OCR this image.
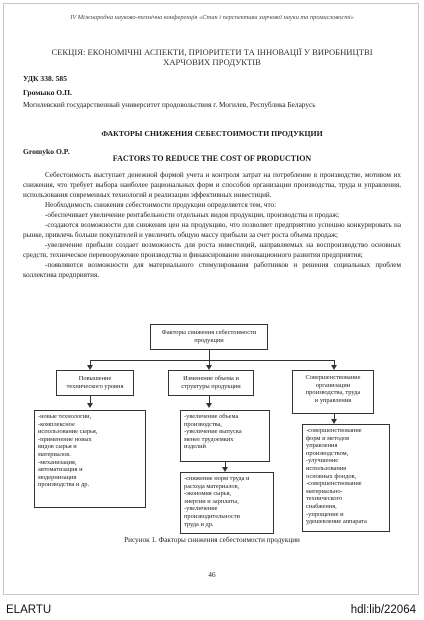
IV Міжнародна науково-технічна конференція «Стан і перспективи харчової науки та промисловості»
СЕКЦІЯ: ЕКОНОМІЧНІ АСПЕКТИ, ПРІОРИТЕТИ ТА ІННОВАЦІЇ У ВИРОБНИЦТВІ
ХАРЧОВИХ ПРОДУКТІВ
УДК 338. 585
Громыко О.П.
Могилевский государственный университет продовольствия г. Могилев, Республика Беларусь
ФАКТОРЫ СНИЖЕНИЯ СЕБЕСТОИМОСТИ ПРОДУКЦИИ
Gromyko O.P.
FACTORS TO REDUCE THE COST OF PRODUCTION

Себестоимость выступает денежной формой учета и контроля затрат на потребление в производстве, мотивом их снижения, что требует выбора наиболее рациональных форм и способов организации производства, труда и управления, использования современных технологий и реализации эффективных инвестиций.

Необходимость снижения себестоимости продукции определяется тем, что:

-обеспечивает увеличение рентабельности отдельных видов продукции, производства и продаж;

-создаются возможности для снижения цен на продукцию, что позволяет предприятию успешно конкурировать на рынке, привлечь больше покупателей и увеличить общую массу прибыли за счет роста объема продаж;

-увеличение прибыли создает возможность для роста инвестиций, направляемых на воспроизводство основных средств, техническое перевооружение производства и финансирование инновационного развития предприятия;

-появляются возможности для материального стимулирования работников и решения социальных проблем коллектива предприятия.

Факторы снижения себестоимости
продукции
Повышение
технического уровня
Изменение объема и
структуры продукции
Совершенствование
организации
производства, труда
и управления
-новые технологии,
-комплексное
использование сырья,
-применение новых
видов сырья и
материалов.
-механизация,
автоматизация и
модернизация
производства и др.
-увеличение объема
производства,
-увеличение выпуска
менее трудоемких
изделий
-снижение норм труда и
расхода материалов,
-экономия сырья,
энергии и зарплаты,
-увеличение
производительности
труда и др.
-совершенствование
форм и методов
управления
производством,
-улучшение
использования
основных фондов,
-совершенствование
материально-
технического
снабжения,
-упрощение и
удешевление аппарата
Рисунок 1. Факторы снижения себестоимости продукции
46
ELARTU	hdl:lib/22064
